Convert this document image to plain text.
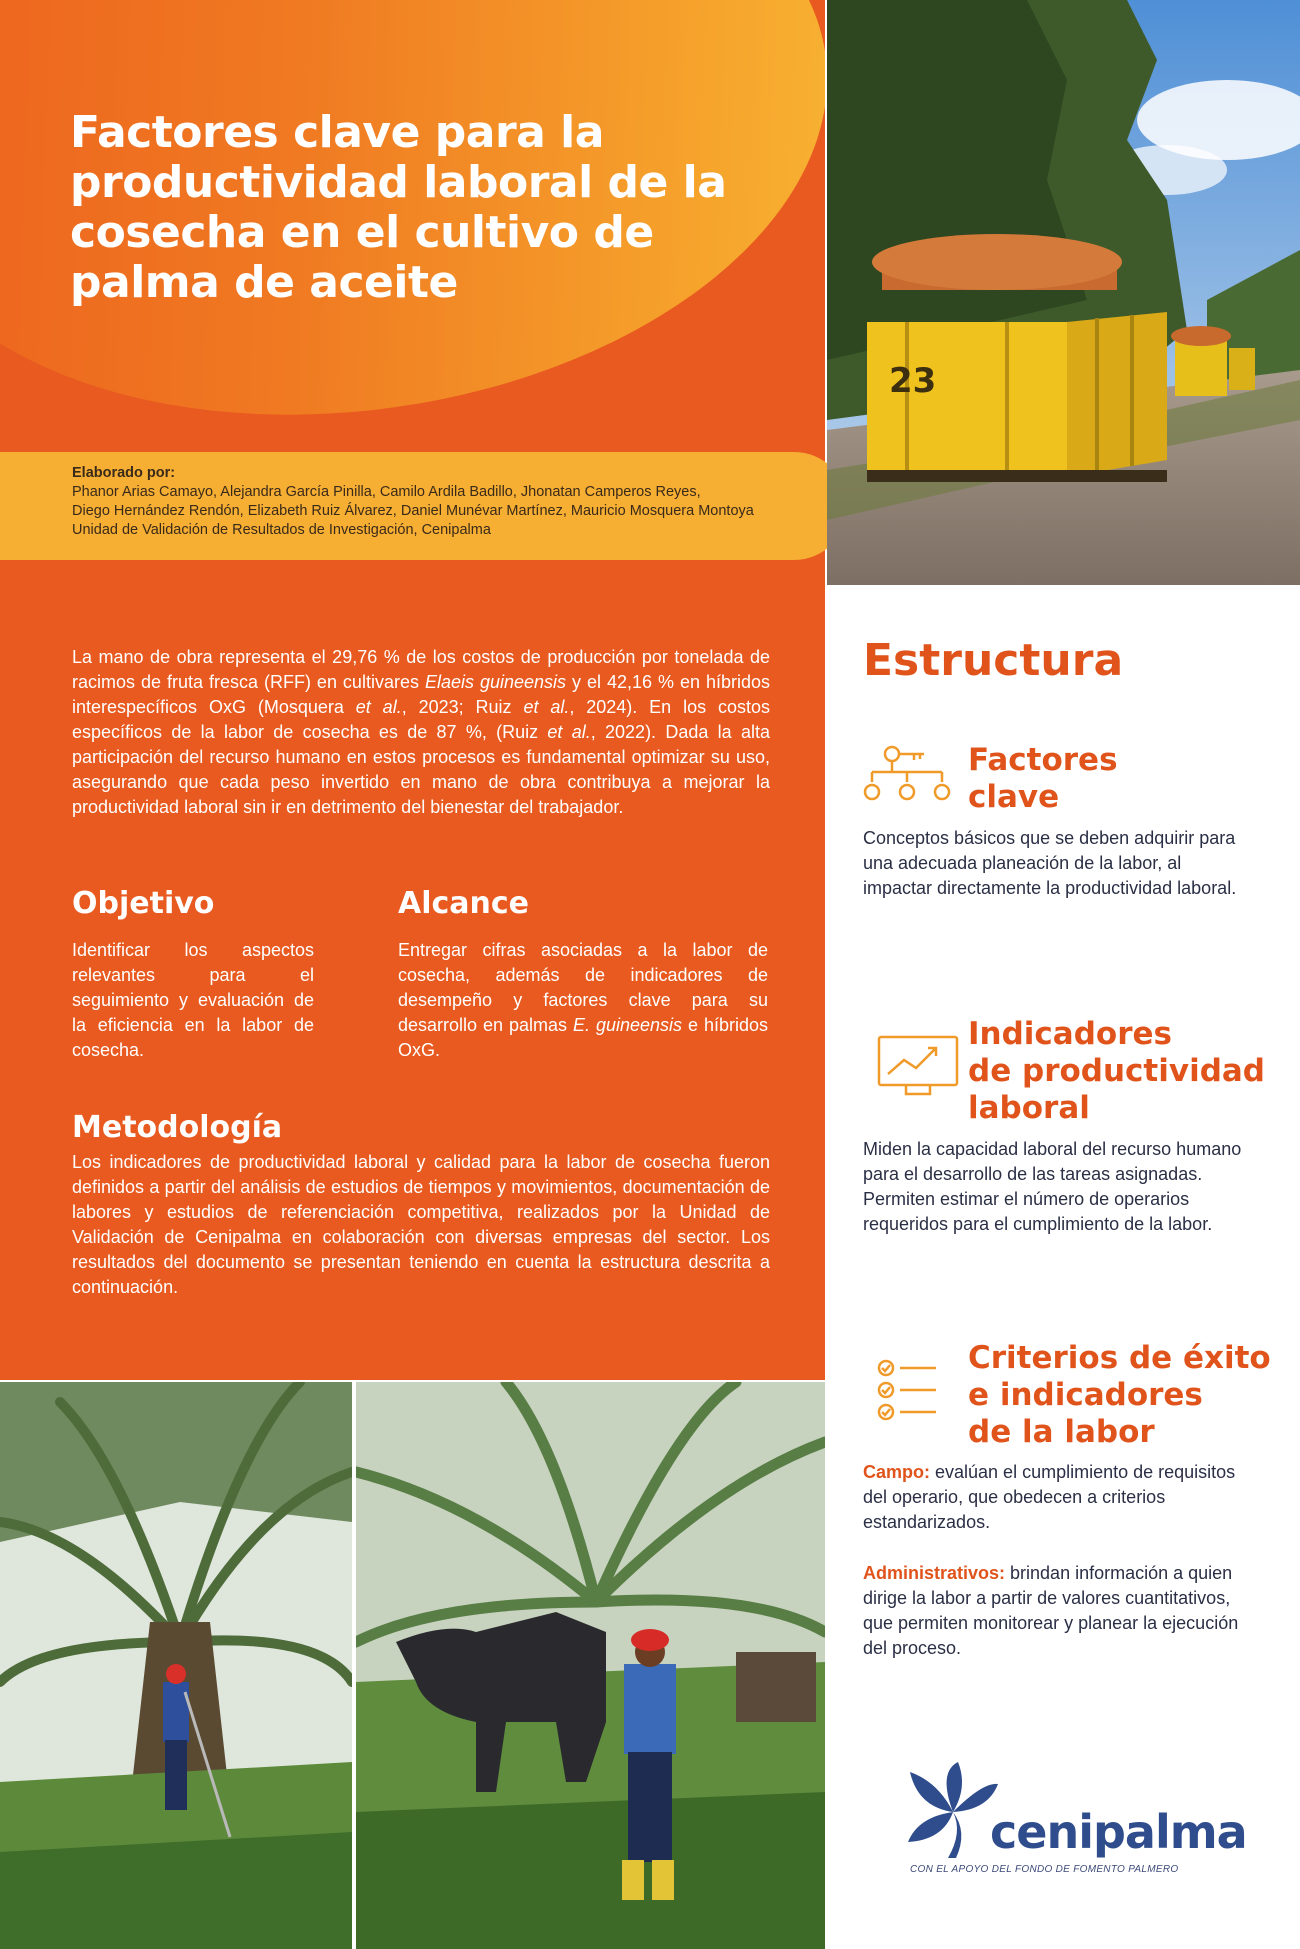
Factores clave para la productividad laboral de la cosecha en el cultivo de palma de aceite
Elaborado por:
Phanor Arias Camayo, Alejandra García Pinilla, Camilo Ardila Badillo, Jhonatan Camperos Reyes,
Diego Hernández Rendón, Elizabeth Ruiz Álvarez, Daniel Munévar Martínez, Mauricio Mosquera Montoya
Unidad de Validación de Resultados de Investigación, Cenipalma

La mano de obra representa el 29,76 % de los costos de producción por tonelada de racimos de fruta fresca (RFF) en cultivares Elaeis guineensis y el 42,16 % en híbridos interespecíficos OxG (Mosquera et al., 2023; Ruiz et al., 2024). En los costos específicos de la labor de cosecha es de 87 %, (Ruiz et al., 2022). Dada la alta participación del recurso humano en estos procesos es fundamental optimizar su uso, asegurando que cada peso invertido en mano de obra contribuya a mejorar la productividad laboral sin ir en detrimento del bienestar del trabajador.

Objetivo

Identificar los aspectos relevantes para el seguimiento y evaluación de la eficiencia en la labor de cosecha.

Alcance

Entregar cifras asociadas a la labor de cosecha, además de indicadores de desempeño y factores clave para su desarrollo en palmas E. guineensis e híbridos OxG.

Metodología

Los indicadores de productividad laboral y calidad para la labor de cosecha fueron definidos a partir del análisis de estudios de tiempos y movimientos, documentación de labores y estudios de referenciación competitiva, realizados por la Unidad de Validación de Cenipalma en colaboración con diversas empresas del sector. Los resultados del documento se presentan teniendo en cuenta la estructura descrita a continuación.

23
Estructura
Factores
clave

Conceptos básicos que se deben adquirir para una adecuada planeación de la labor, al impactar directamente la productividad laboral.

Indicadores
de productividad
laboral

Miden la capacidad laboral del recurso humano para el desarrollo de las tareas asignadas. Permiten estimar el número de operarios requeridos para el cumplimiento de la labor.

Criterios de éxito
e indicadores
de la labor

Campo: evalúan el cumplimiento de requisitos del operario, que obedecen a criterios estandarizados.

Administrativos: brindan información a quien dirige la labor a partir de valores cuantitativos, que permiten monitorear y planear la ejecución del proceso.

cenipalma
CON EL APOYO DEL FONDO DE FOMENTO PALMERO
